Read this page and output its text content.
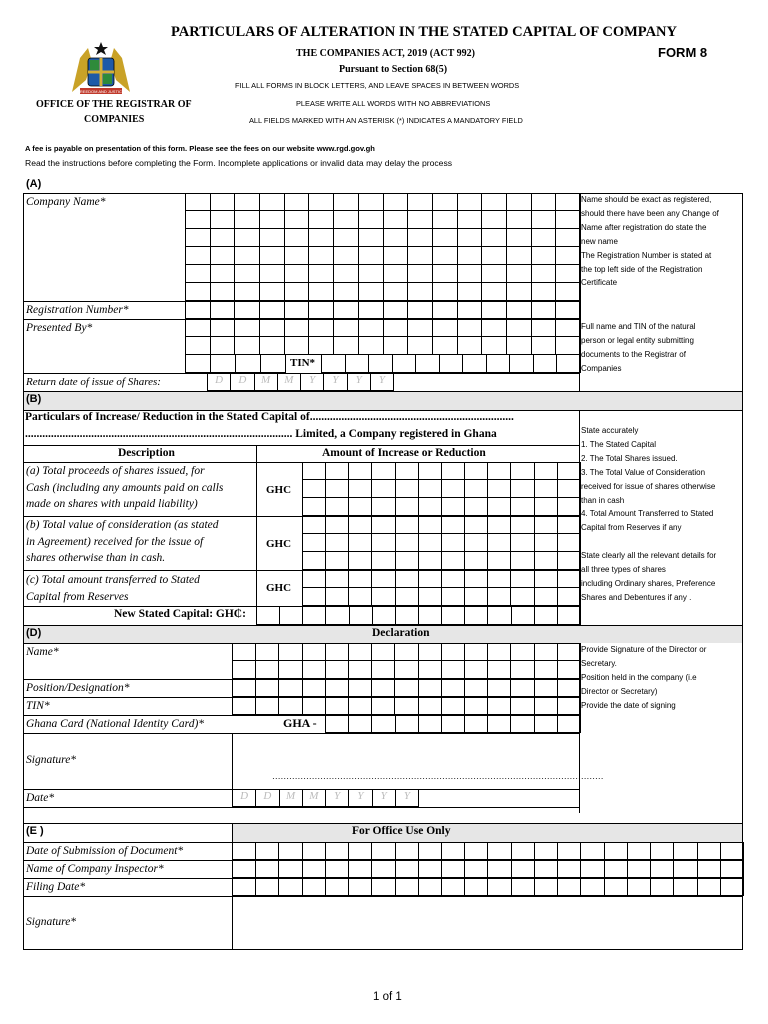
PARTICULARS OF ALTERATION IN THE STATED CAPITAL OF COMPANY
FORM 8
FREEDOM AND JUSTICE
OFFICE OF THE REGISTRAR OF
COMPANIES
THE COMPANIES ACT, 2019 (ACT 992)
Pursuant to Section 68(5)
FILL ALL FORMS IN BLOCK LETTERS, AND LEAVE SPACES IN BETWEEN WORDS
PLEASE WRITE ALL WORDS WITH NO ABBREVIATIONS
ALL FIELDS MARKED WITH AN ASTERISK (*) INDICATES A MANDATORY FIELD
A fee is payable on presentation of this form. Please see the fees on our website www.rgd.gov.gh
Read the instructions before completing the Form. Incomplete applications or invalid data may delay the process
(A)
Company Name*
Registration Number*
Presented By*
TIN*
Return date of issue of Shares:	D	D	M	M	Y	Y	Y	Y
Name should be exact as registered,
should there have been any Change of
Name after registration do state the
new name
The Registration Number is stated at
the top left side of the Registration
Certificate
Full name and TIN of the natural
person or legal entity submitting
documents to the Registrar of
Companies
(B)
Particulars of Increase/ Reduction in the Stated Capital of.......................................................................
............................................................................................. Limited, a Company registered in Ghana
Description	Amount of Increase or Reduction
(a) Total proceeds of shares issued, for
Cash (including any amounts paid on calls
made on shares with unpaid liability)
GHC
(b) Total value of consideration (as stated
in Agreement) received for the issue of
shares otherwise than in cash.
GHC
(c) Total amount transferred to Stated
Capital from Reserves
GHC
New Stated Capital: GH₵:
State accurately
1. The Stated Capital
2. The Total Shares issued.
3. The Total Value of Consideration
received for issue of shares otherwise
than in cash
4. Total Amount Transferred to Stated
Capital from Reserves if any
State clearly all the relevant details for
all three types of shares
including Ordinary shares, Preference
Shares and Debentures if any .
(D)	Declaration
Name*
Position/Designation*
TIN*
Ghana Card (National Identity Card)*	GHA -
Signature*
………………………………………………………………………………………………………
Date*	D	D	M	M	Y	Y	Y	Y
Provide Signature of the Director or
Secretary.
Position held in the company (i.e
Director or Secretary)
Provide the date of signing
(E )	For Office Use Only
Date of Submission of Document*
Name of Company Inspector*
Filing Date*
Signature*
1 of 1
